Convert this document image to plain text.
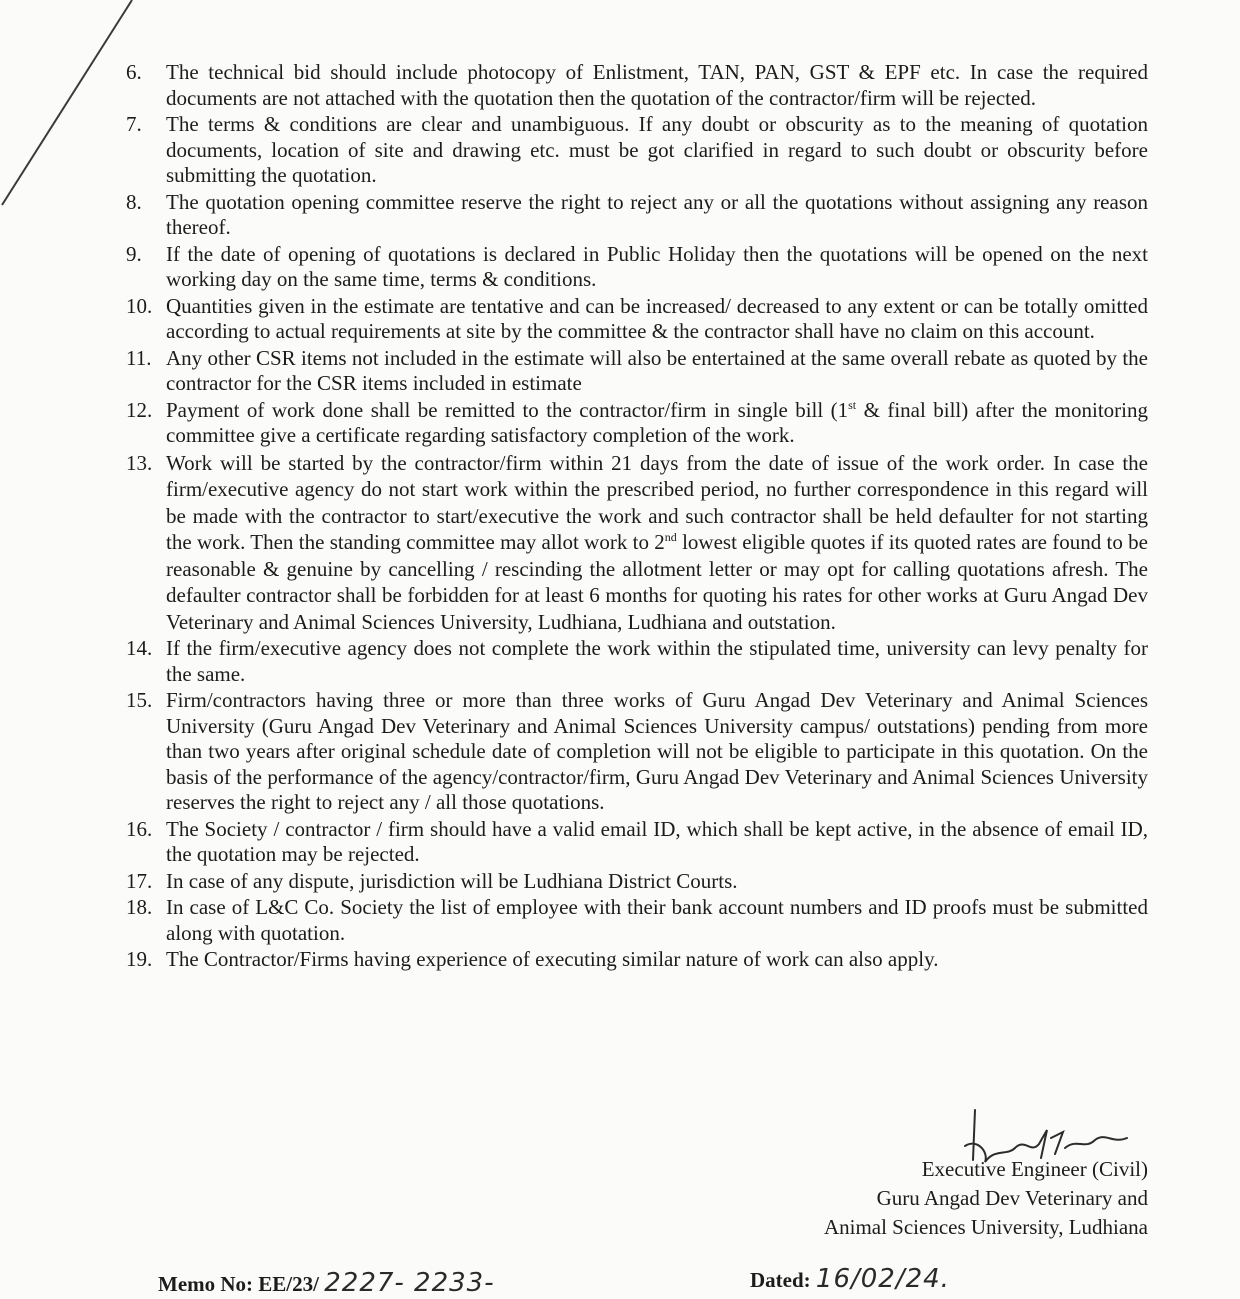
6.	The technical bid should include photocopy of Enlistment, TAN, PAN, GST & EPF etc. In case the required documents are not attached with the quotation then the quotation of the contractor/firm will be rejected.
7.	The terms & conditions are clear and unambiguous. If any doubt or obscurity as to the meaning of quotation documents, location of site and drawing etc. must be got clarified in regard to such doubt or obscurity before submitting the quotation.
8.	The quotation opening committee reserve the right to reject any or all the quotations without assigning any reason thereof.
9.	If the date of opening of quotations is declared in Public Holiday then the quotations will be opened on the next working day on the same time, terms & conditions.
10. Quantities given in the estimate are tentative and can be increased/ decreased to any extent or can be totally omitted according to actual requirements at site by the committee & the contractor shall have no claim on this account.
11. Any other CSR items not included in the estimate will also be entertained at the same overall rebate as quoted by the contractor for the CSR items included in estimate
12. Payment of work done shall be remitted to the contractor/firm in single bill (1st & final bill) after the monitoring committee give a certificate regarding satisfactory completion of the work.
13. Work will be started by the contractor/firm within 21 days from the date of issue of the work order. In case the firm/executive agency do not start work within the prescribed period, no further correspondence in this regard will be made with the contractor to start/executive the work and such contractor shall be held defaulter for not starting the work. Then the standing committee may allot work to 2nd lowest eligible quotes if its quoted rates are found to be reasonable & genuine by cancelling / rescinding the allotment letter or may opt for calling quotations afresh. The defaulter contractor shall be forbidden for at least 6 months for quoting his rates for other works at Guru Angad Dev Veterinary and Animal Sciences University, Ludhiana, Ludhiana and outstation.
14. If the firm/executive agency does not complete the work within the stipulated time, university can levy penalty for the same.
15. Firm/contractors having three or more than three works of Guru Angad Dev Veterinary and Animal Sciences University (Guru Angad Dev Veterinary and Animal Sciences University campus/ outstations) pending from more than two years after original schedule date of completion will not be eligible to participate in this quotation. On the basis of the performance of the agency/contractor/firm, Guru Angad Dev Veterinary and Animal Sciences University reserves the right to reject any / all those quotations.
16. The Society / contractor / firm should have a valid email ID, which shall be kept active, in the absence of email ID, the quotation may be rejected.
17. In case of any dispute, jurisdiction will be Ludhiana District Courts.
18. In case of L&C Co. Society the list of employee with their bank account numbers and ID proofs must be submitted along with quotation.
19. The Contractor/Firms having experience of executing similar nature of work can also apply.
Executive Engineer (Civil)
Guru Angad Dev Veterinary and
Animal Sciences University, Ludhiana
Memo No: EE/23/ 2227- 2233-	Dated: 16/02/24.
